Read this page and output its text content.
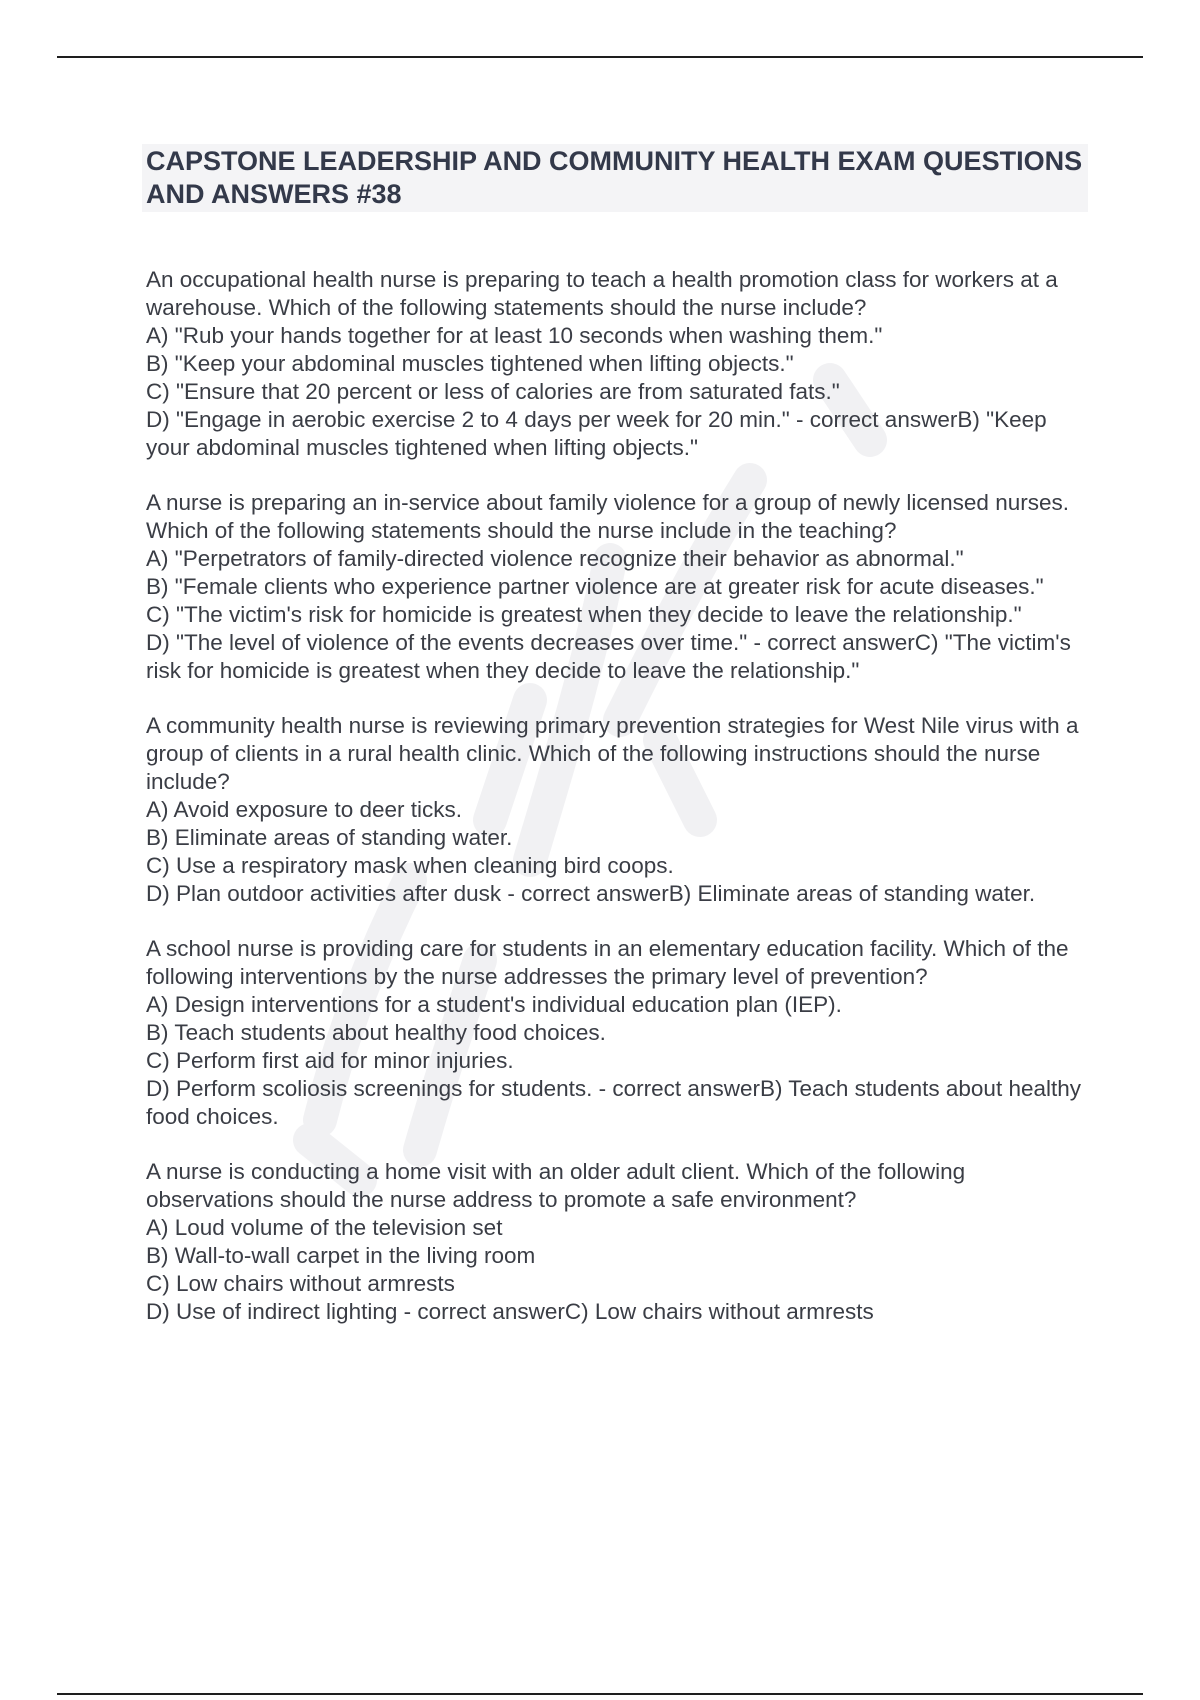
CAPSTONE LEADERSHIP AND COMMUNITY HEALTH EXAM QUESTIONS AND ANSWERS #38

An occupational health nurse is preparing to teach a health promotion class for workers at a warehouse. Which of the following statements should the nurse include?

A) "Rub your hands together for at least 10 seconds when washing them."

B) "Keep your abdominal muscles tightened when lifting objects."

C) "Ensure that 20 percent or less of calories are from saturated fats."

D) "Engage in aerobic exercise 2 to 4 days per week for 20 min." - correct answerB) "Keep your abdominal muscles tightened when lifting objects."

A nurse is preparing an in-service about family violence for a group of newly licensed nurses. Which of the following statements should the nurse include in the teaching?

A) "Perpetrators of family-directed violence recognize their behavior as abnormal."

B) "Female clients who experience partner violence are at greater risk for acute diseases."

C) "The victim's risk for homicide is greatest when they decide to leave the relationship."

D) "The level of violence of the events decreases over time." - correct answerC) "The victim's risk for homicide is greatest when they decide to leave the relationship."

A community health nurse is reviewing primary prevention strategies for West Nile virus with a group of clients in a rural health clinic. Which of the following instructions should the nurse include?

A) Avoid exposure to deer ticks.

B) Eliminate areas of standing water.

C) Use a respiratory mask when cleaning bird coops.

D) Plan outdoor activities after dusk - correct answerB) Eliminate areas of standing water.

A school nurse is providing care for students in an elementary education facility. Which of the following interventions by the nurse addresses the primary level of prevention?

A) Design interventions for a student's individual education plan (IEP).

B) Teach students about healthy food choices.

C) Perform first aid for minor injuries.

D) Perform scoliosis screenings for students. - correct answerB) Teach students about healthy food choices.

A nurse is conducting a home visit with an older adult client. Which of the following observations should the nurse address to promote a safe environment?

A) Loud volume of the television set

B) Wall-to-wall carpet in the living room

C) Low chairs without armrests

D) Use of indirect lighting - correct answerC) Low chairs without armrests
